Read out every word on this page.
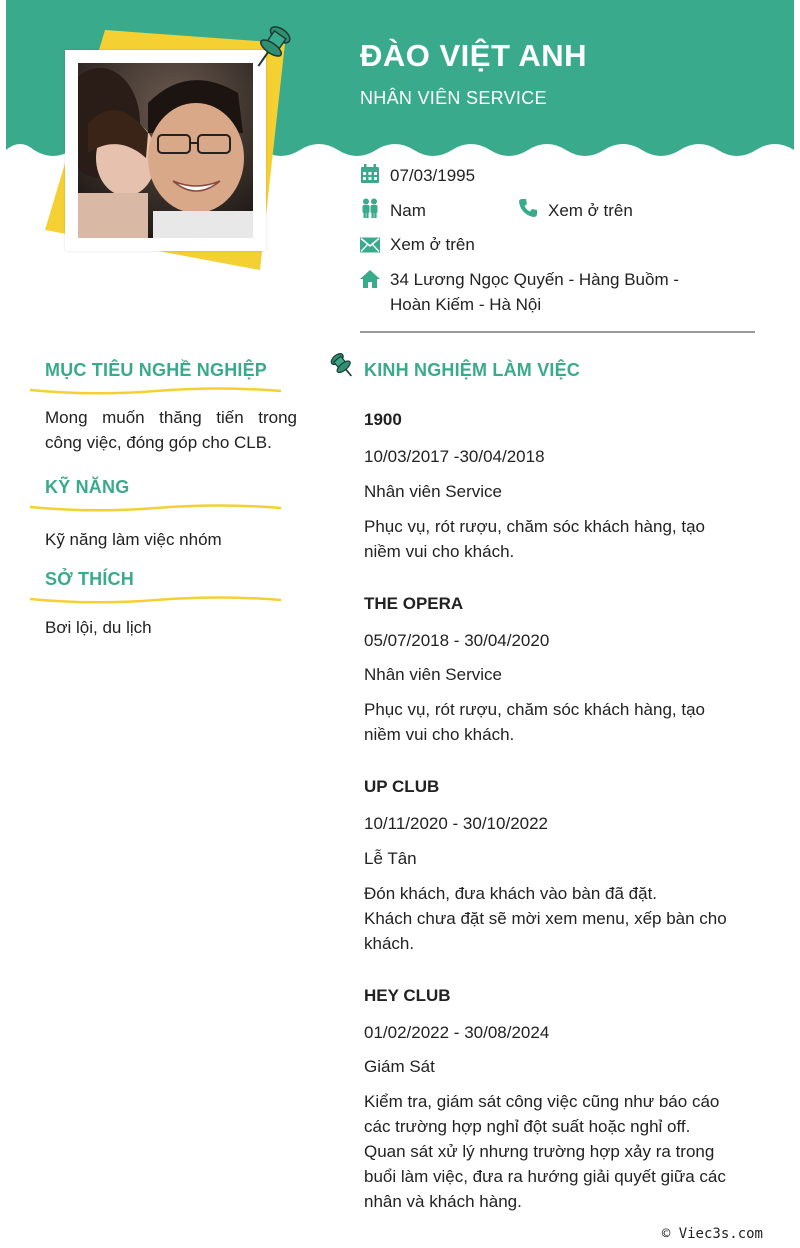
ĐÀO VIỆT ANH
NHÂN VIÊN SERVICE
07/03/1995
Nam	Xem ở trên
Xem ở trên
34 Lương Ngọc Quyến - Hàng Buồm -
Hoàn Kiếm - Hà Nội
MỤC TIÊU NGHỀ NGHIỆP
Mong muốn thăng tiến trong công việc, đóng góp cho CLB.
KỸ NĂNG
Kỹ năng làm việc nhóm
SỞ THÍCH
Bơi lội, du lịch
KINH NGHIỆM LÀM VIỆC
1900
10/03/2017 -30/04/2018
Nhân viên Service
Phục vụ, rót rượu, chăm sóc khách hàng, tạo niềm vui cho khách.
THE OPERA
05/07/2018 - 30/04/2020
Nhân viên Service
Phục vụ, rót rượu, chăm sóc khách hàng, tạo niềm vui cho khách.
UP CLUB
10/11/2020 - 30/10/2022
Lễ Tân
Đón khách, đưa khách vào bàn đã đặt.
Khách chưa đặt sẽ mời xem menu, xếp bàn cho khách.
HEY CLUB
01/02/2022 - 30/08/2024
Giám Sát
Kiểm tra, giám sát công việc cũng như báo cáo các trường hợp nghỉ đột suất hoặc nghỉ off.
Quan sát xử lý nhưng trường hợp xảy ra trong buổi làm việc, đưa ra hướng giải quyết giữa các nhân và khách hàng.
© Viec3s.com
